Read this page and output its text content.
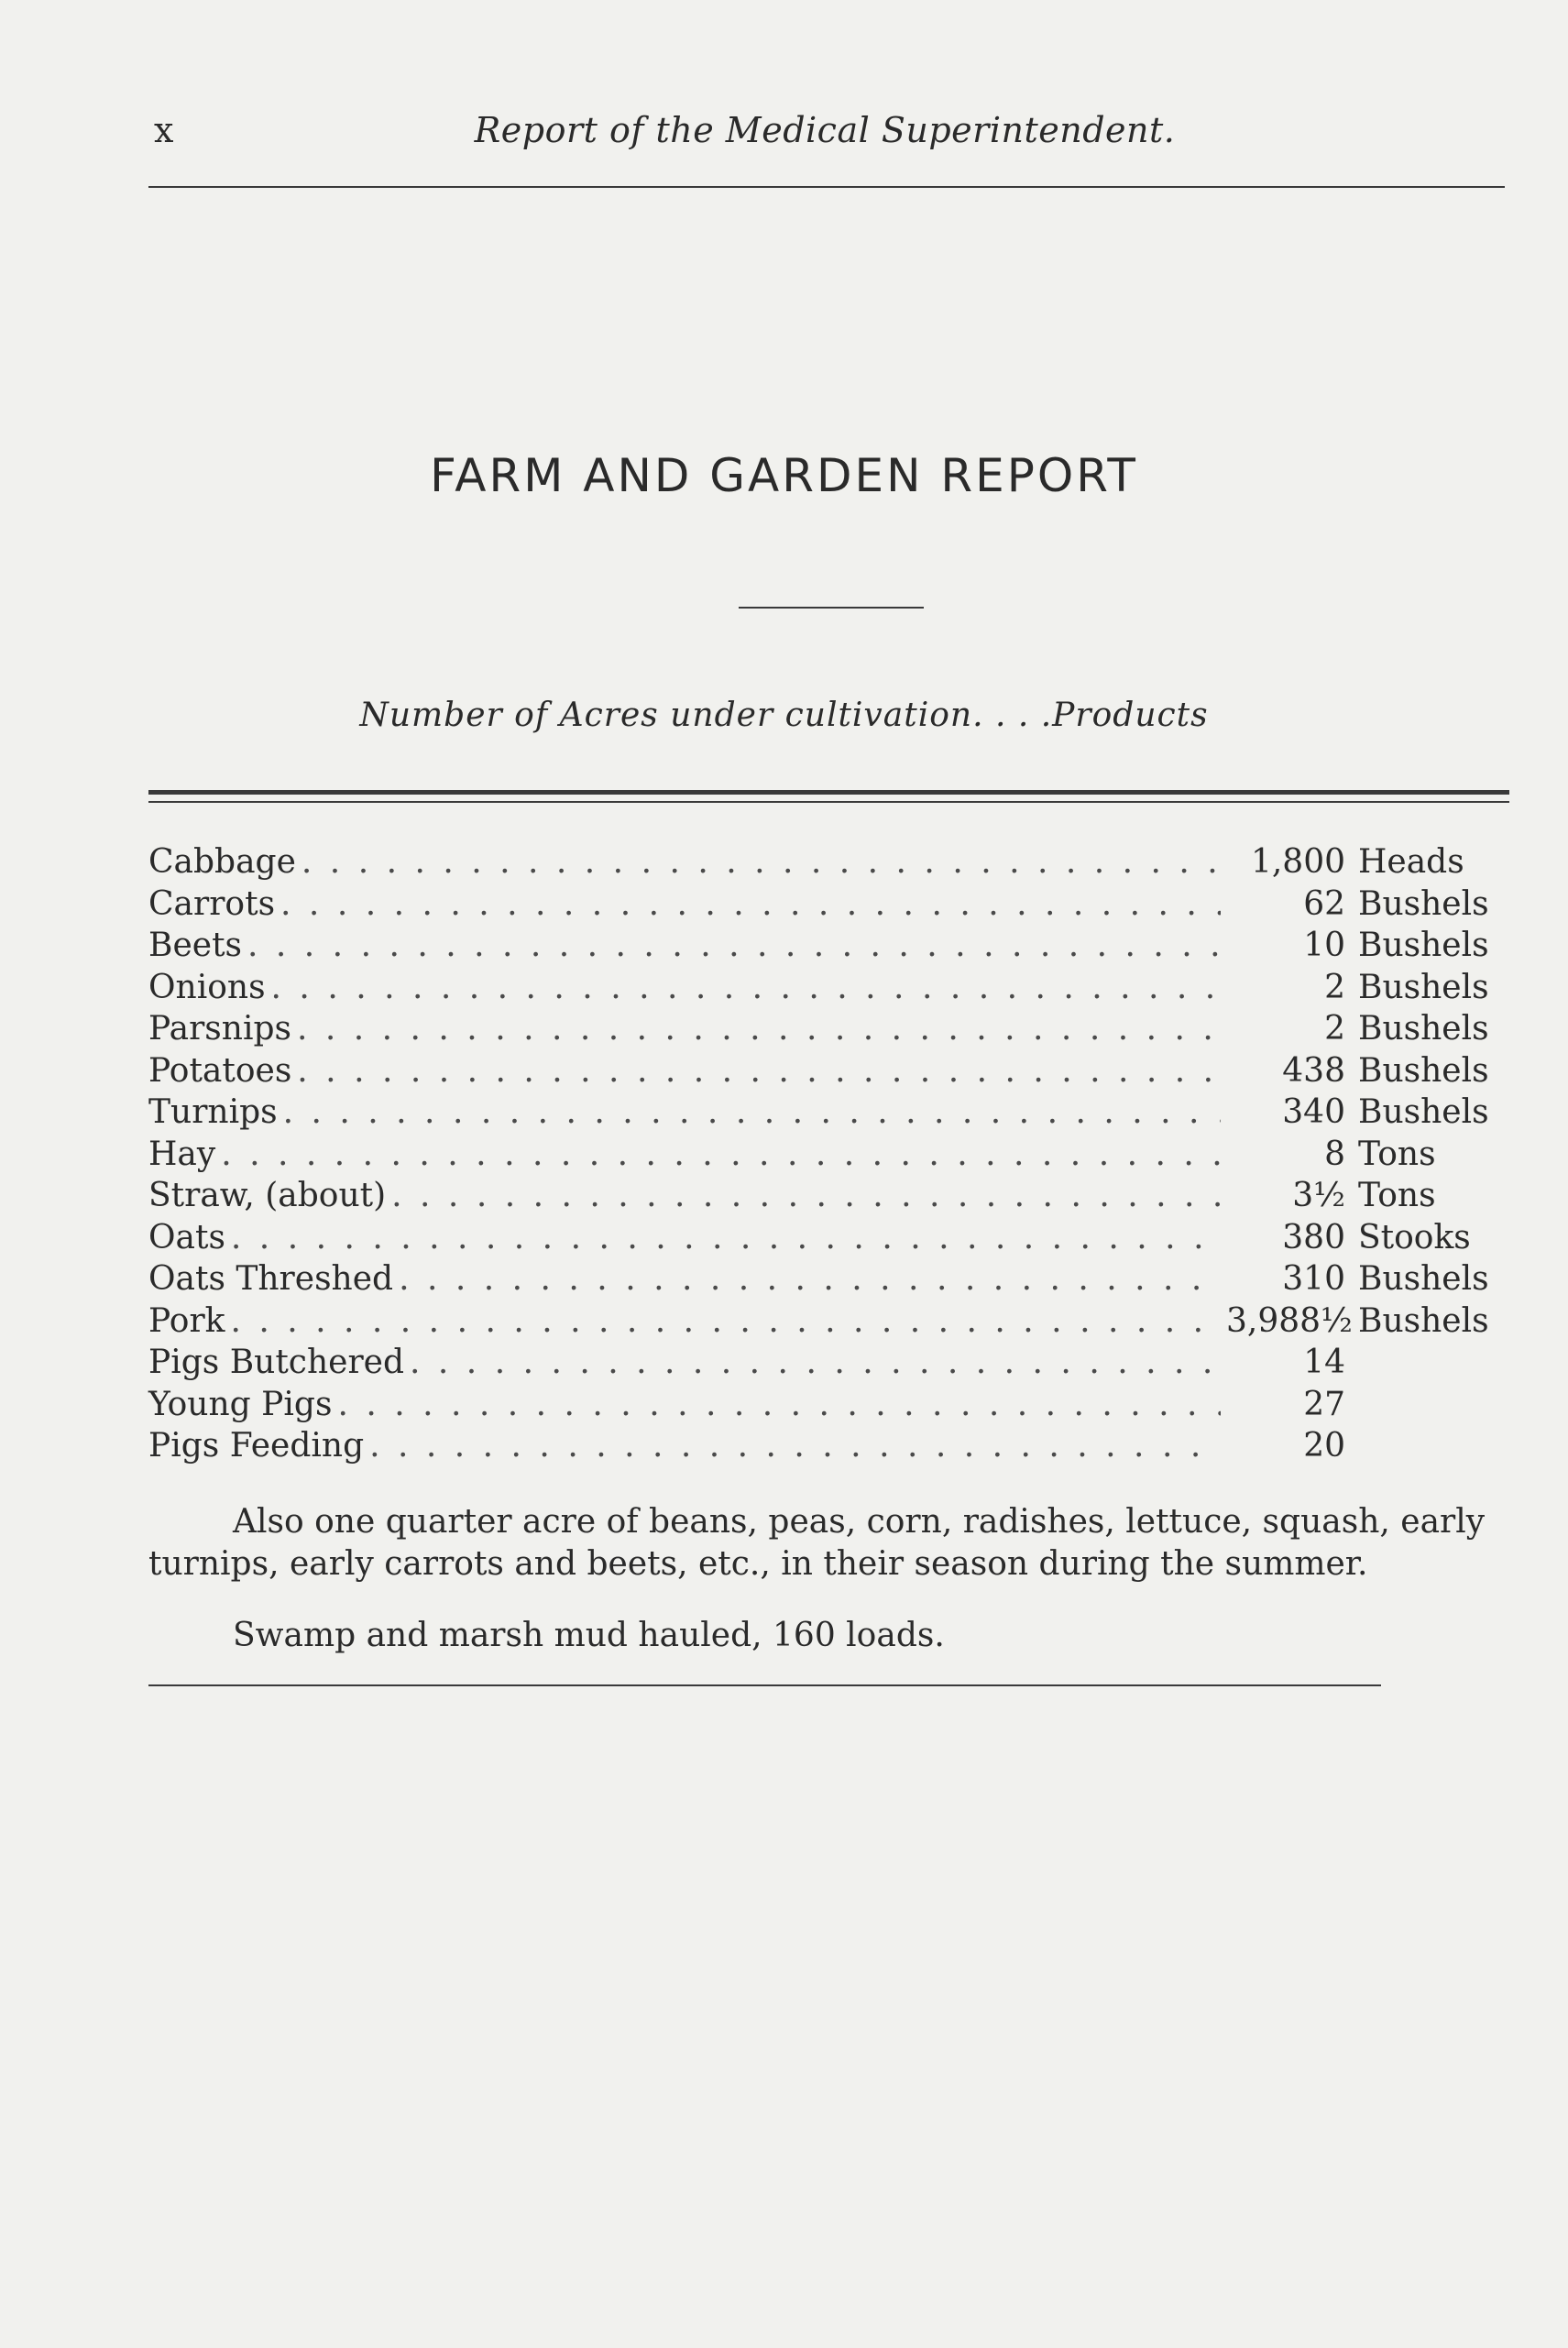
x	Report of the Medical Superintendent.
FARM AND GARDEN REPORT
Number of Acres under cultivation. . . .Products
Cabbage . . .	1,800 Heads
Carrots . . .	62 Bushels
Beets . . .	10 Bushels
Onions . . .	2 Bushels
Parsnips . . .	2 Bushels
Potatoes . . .	438 Bushels
Turnips . . .	340 Bushels
Hay . . .	8 Tons
Straw, (about) . . .	3½ Tons
Oats . . .	380 Stooks
Oats Threshed . . .	310 Bushels
Pork . . .	3,988½ Bushels
Pigs Butchered . . .	14
Young Pigs . . .	27
Pigs Feeding . . .	20

Also one quarter acre of beans, peas, corn, radishes, lettuce, squash, early turnips, early carrots and beets, etc., in their season during the summer.

Swamp and marsh mud hauled, 160 loads.
